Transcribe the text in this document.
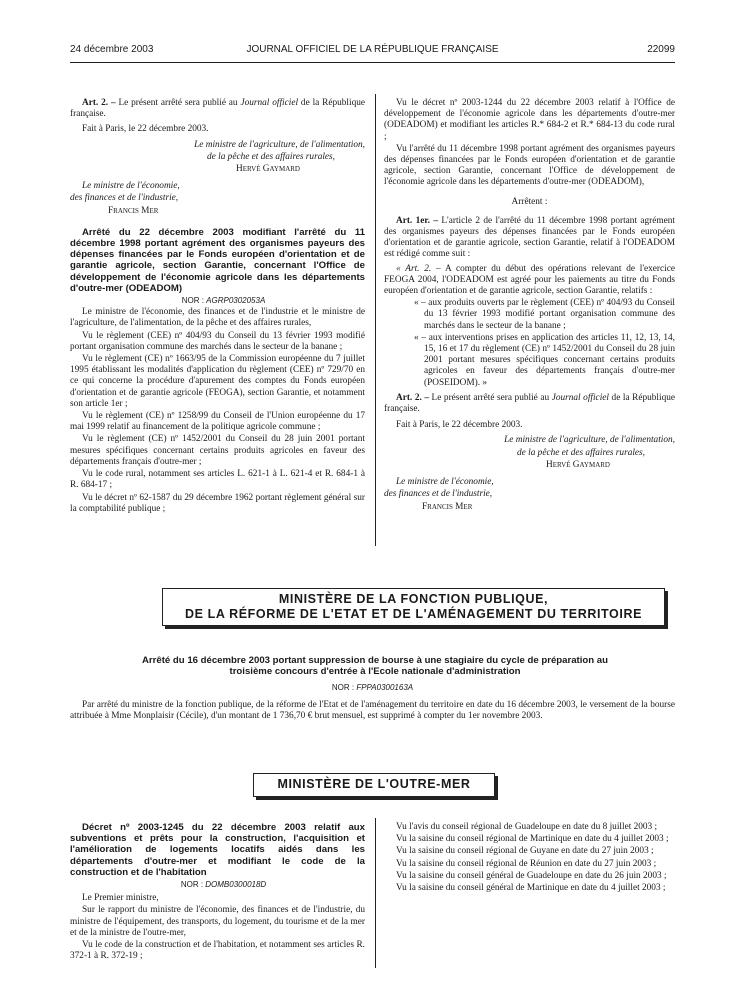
24 décembre 2003	JOURNAL OFFICIEL DE LA RÉPUBLIQUE FRANÇAISE	22099

Art. 2. – Le présent arrêté sera publié au Journal officiel de la République française.

Fait à Paris, le 22 décembre 2003.

Le ministre de l'agriculture, de l'alimentation,

de la pêche et des affaires rurales,

Hervé Gaymard

Le ministre de l'économie,

des finances et de l'industrie,

Francis Mer

Arrêté du 22 décembre 2003 modifiant l'arrêté du 11 décembre 1998 portant agrément des organismes payeurs des dépenses financées par le Fonds européen d'orientation et de garantie agricole, section Garantie, concernant l'Office de développement de l'économie agricole dans les départements d'outre-mer (ODEADOM)

NOR : AGRP0302053A

Le ministre de l'économie, des finances et de l'industrie et le ministre de l'agriculture, de l'alimentation, de la pêche et des affaires rurales,

Vu le règlement (CEE) nº 404/93 du Conseil du 13 février 1993 modifié portant organisation commune des marchés dans le secteur de la banane ;

Vu le règlement (CE) nº 1663/95 de la Commission européenne du 7 juillet 1995 établissant les modalités d'application du règlement (CEE) nº 729/70 en ce qui concerne la procédure d'apurement des comptes du Fonds européen d'orientation et de garantie agricole (FEOGA), section Garantie, et notamment son article 1er ;

Vu le règlement (CE) nº 1258/99 du Conseil de l'Union européenne du 17 mai 1999 relatif au financement de la politique agricole commune ;

Vu le règlement (CE) nº 1452/2001 du Conseil du 28 juin 2001 portant mesures spécifiques concernant certains produits agricoles en faveur des départements français d'outre-mer ;

Vu le code rural, notamment ses articles L. 621-1 à L. 621-4 et R. 684-1 à R. 684-17 ;

Vu le décret nº 62-1587 du 29 décembre 1962 portant règlement général sur la comptabilité publique ;

Vu le décret nº 2003-1244 du 22 décembre 2003 relatif à l'Office de développement de l'économie agricole dans les départements d'outre-mer (ODEADOM) et modifiant les articles R.* 684-2 et R.* 684-13 du code rural ;

Vu l'arrêté du 11 décembre 1998 portant agrément des organismes payeurs des dépenses financées par le Fonds européen d'orientation et de garantie agricole, section Garantie, concernant l'Office de développement de l'économie agricole dans les départements d'outre-mer (ODEADOM),

Arrêtent :

Art. 1er. – L'article 2 de l'arrêté du 11 décembre 1998 portant agrément des organismes payeurs des dépenses financées par le Fonds européen d'orientation et de garantie agricole, section Garantie, relatif à l'ODEADOM est rédigé comme suit :

« Art. 2. – A compter du début des opérations relevant de l'exercice FEOGA 2004, l'ODEADOM est agréé pour les paiements au titre du Fonds européen d'orientation et de garantie agricole, section Garantie, relatifs :

« – aux produits ouverts par le règlement (CEE) nº 404/93 du Conseil du 13 février 1993 modifié portant organisation commune des marchés dans le secteur de la banane ;

« – aux interventions prises en application des articles 11, 12, 13, 14, 15, 16 et 17 du règlement (CE) nº 1452/2001 du Conseil du 28 juin 2001 portant mesures spécifiques concernant certains produits agricoles en faveur des départements français d'outre-mer (POSEIDOM). »

Art. 2. – Le présent arrêté sera publié au Journal officiel de la République française.

Fait à Paris, le 22 décembre 2003.

Le ministre de l'agriculture, de l'alimentation,

de la pêche et des affaires rurales,

Hervé Gaymard

Le ministre de l'économie,

des finances et de l'industrie,

Francis Mer

MINISTÈRE DE LA FONCTION PUBLIQUE,
DE LA RÉFORME DE L'ETAT ET DE L'AMÉNAGEMENT DU TERRITOIRE
Arrêté du 16 décembre 2003 portant suppression de bourse à une stagiaire du cycle de préparation au troisième concours d'entrée à l'Ecole nationale d'administration
NOR : FPPA0300163A
Par arrêté du ministre de la fonction publique, de la réforme de l'Etat et de l'aménagement du territoire en date du 16 décembre 2003, le versement de la bourse attribuée à Mme Monplaisir (Cécile), d'un montant de 1 736,70 € brut mensuel, est supprimé à compter du 1er novembre 2003.
MINISTÈRE DE L'OUTRE-MER

Décret nº 2003-1245 du 22 décembre 2003 relatif aux subventions et prêts pour la construction, l'acquisition et l'amélioration de logements locatifs aidés dans les départements d'outre-mer et modifiant le code de la construction et de l'habitation

NOR : DOMB0300018D

Le Premier ministre,

Sur le rapport du ministre de l'économie, des finances et de l'industrie, du ministre de l'équipement, des transports, du logement, du tourisme et de la mer et de la ministre de l'outre-mer,

Vu le code de la construction et de l'habitation, et notamment ses articles R. 372-1 à R. 372-19 ;

Vu l'avis du conseil régional de Guadeloupe en date du 8 juillet 2003 ;

Vu la saisine du conseil régional de Martinique en date du 4 juillet 2003 ;

Vu la saisine du conseil régional de Guyane en date du 27 juin 2003 ;

Vu la saisine du conseil régional de Réunion en date du 27 juin 2003 ;

Vu la saisine du conseil général de Guadeloupe en date du 26 juin 2003 ;

Vu la saisine du conseil général de Martinique en date du 4 juillet 2003 ;
